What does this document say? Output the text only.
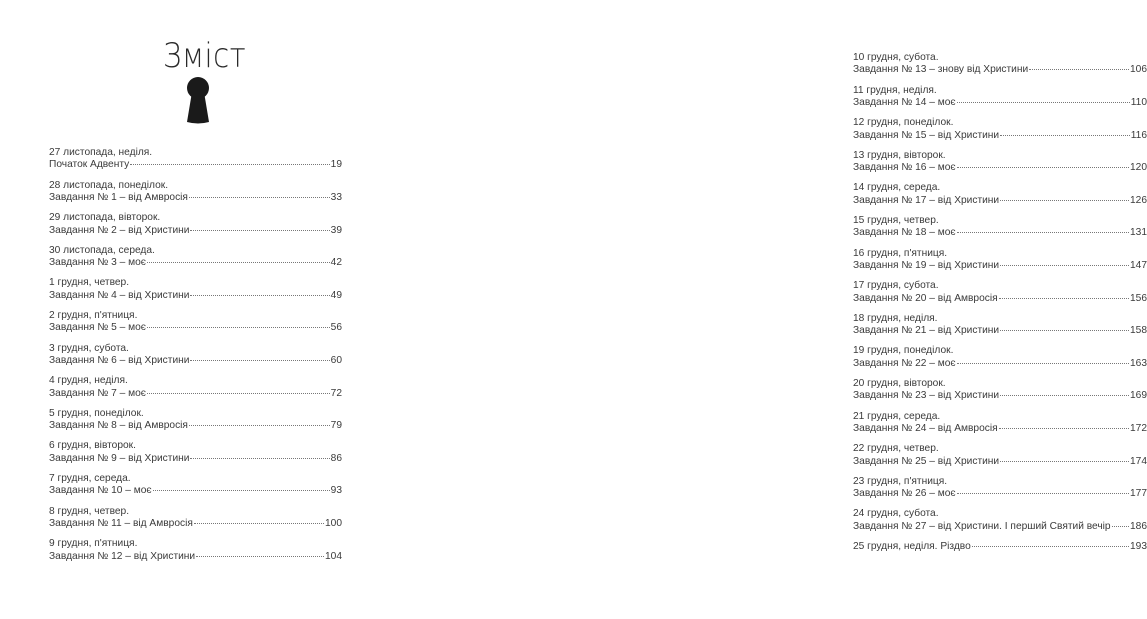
Зміст
27 листопада, неділя.
Початок Адвенту	19
28 листопада, понеділок.
Завдання № 1 – від Амвросія	33
29 листопада, вівторок.
Завдання № 2 – від Христини	39
30 листопада, середа.
Завдання № 3 – моє	42
1 грудня, четвер.
Завдання № 4 – від Христини	49
2 грудня, п'ятниця.
Завдання № 5 – моє	56
3 грудня, субота.
Завдання № 6 – від Христини	60
4 грудня, неділя.
Завдання № 7 – моє	72
5 грудня, понеділок.
Завдання № 8 – від Амвросія	79
6 грудня, вівторок.
Завдання № 9 – від Христини	86
7 грудня, середа.
Завдання № 10 – моє	93
8 грудня, четвер.
Завдання № 11 – від Амвросія	100
9 грудня, п'ятниця.
Завдання № 12 – від Христини	104
10 грудня, субота.
Завдання № 13 – знову від Христини	106
11 грудня, неділя.
Завдання № 14 – моє	110
12 грудня, понеділок.
Завдання № 15 – від Христини	116
13 грудня, вівторок.
Завдання № 16 – моє	120
14 грудня, середа.
Завдання № 17 – від Христини	126
15 грудня, четвер.
Завдання № 18 – моє	131
16 грудня, п'ятниця.
Завдання № 19 – від Христини	147
17 грудня, субота.
Завдання № 20 – від Амвросія	156
18 грудня, неділя.
Завдання № 21 – від Христини	158
19 грудня, понеділок.
Завдання № 22 – моє	163
20 грудня, вівторок.
Завдання № 23 – від Христини	169
21 грудня, середа.
Завдання № 24 – від Амвросія	172
22 грудня, четвер.
Завдання № 25 – від Христини	174
23 грудня, п'ятниця.
Завдання № 26 – моє	177
24 грудня, субота.
Завдання № 27 – від Христини. І перший Святий вечір 186
25 грудня, неділя. Різдво	193
